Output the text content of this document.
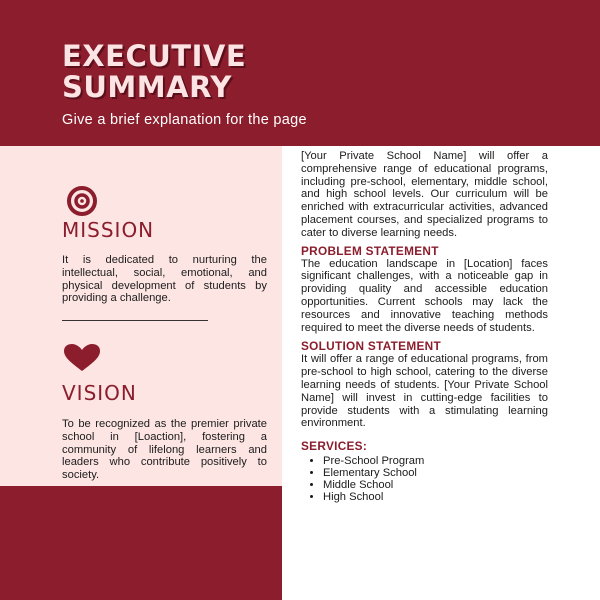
EXECUTIVE
SUMMARY
Give a brief explanation for the page
MISSION
It is dedicated to nurturing the intellectual, social, emotional, and physical development of students by providing a challenge.
VISION
To be recognized as the premier private school in [Loaction], fostering a community of lifelong learners and leaders who contribute positively to society.

[Your Private School Name] will offer a comprehensive range of educational programs, including pre-school, elementary, middle school, and high school levels. Our curriculum will be enriched with extracurricular activities, advanced placement courses, and specialized programs to cater to diverse learning needs.

PROBLEM STATEMENT

The education landscape in [Location] faces significant challenges, with a noticeable gap in providing quality and accessible education opportunities. Current schools may lack the resources and innovative teaching methods required to meet the diverse needs of students.

SOLUTION STATEMENT

It will offer a range of educational programs, from pre-school to high school, catering to the diverse learning needs of students. [Your Private School Name] will invest in cutting-edge facilities to provide students with a stimulating learning environment.

SERVICES:
• Pre-School Program
• Elementary School
• Middle School
• High School
